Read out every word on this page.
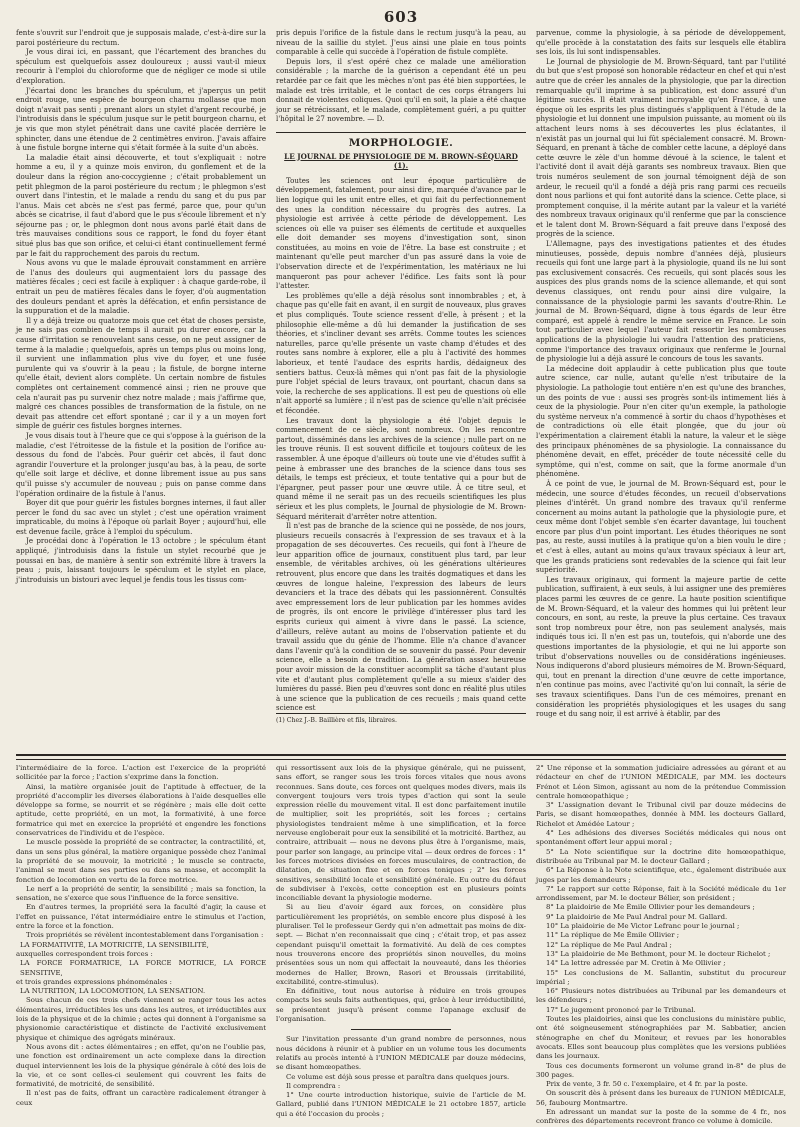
603

fente s'ouvrit sur l'endroit que je supposais malade, c'est-à-dire sur la paroi postérieure du rectum.

Je vous dirai ici, en passant, que l'écartement des branches du spéculum est quelquefois assez douloureux ; aussi vaut-il mieux recourir à l'emploi du chloroforme que de négliger ce mode si utile d'exploration.

J'écartai donc les branches du spéculum, et j'aperçus un petit endroit rouge, une espèce de bourgeon charnu mollasse que mon doigt n'avait pas senti ; prenant alors un stylet d'argent recourbé, je l'introduisis dans le spéculum jusque sur le petit bourgeon charnu, et je vis que mon stylet pénétrait dans une cavité placée derrière le sphincter, dans une étendue de 2 centimètres environ. J'avais affaire à une fistule borgne interne qui s'était formée à la suite d'un abcès.

La maladie était ainsi découverte, et tout s'expliquait : notre homme a eu, il y a quinze mois environ, du gonflement et de la douleur dans la région ano-coccygienne ; c'était probablement un petit phlegmon de la paroi postérieure du rectum ; le phlegmon s'est ouvert dans l'intestin, et le malade a rendu du sang et du pus par l'anus. Mais cet abcès ne s'est pas fermé, parce que, pour qu'un abcès se cicatrise, il faut d'abord que le pus s'écoule librement et n'y séjourne pas ; or, le phlegmon dont nous avons parlé était dans de très mauvaises conditions sous ce rapport, le fond du foyer étant situé plus bas que son orifice, et celui-ci étant continuellement fermé par le fait du rapprochement des parois du rectum.

Nous avons vu que le malade éprouvait constamment en arrière de l'anus des douleurs qui augmentaient lors du passage des matières fécales ; ceci est facile à expliquer : à chaque garde-robe, il entrait un peu de matières fécales dans le foyer, d'où augmentation des douleurs pendant et après la défécation, et enfin persistance de la suppuration et de la maladie.

Il y a déjà treize ou quatorze mois que cet état de choses persiste, je ne sais pas combien de temps il aurait pu durer encore, car la cause d'irritation se renouvelant sans cesse, on ne peut assigner de terme à la maladie ; quelquefois, après un temps plus ou moins long, il survient une inflammation plus vive du foyer, et une fusée purulente qui va s'ouvrir à la peau ; la fistule, de borgne interne qu'elle était, devient alors complète. Un certain nombre de fistules complètes ont certainement commencé ainsi ; rien ne prouve que cela n'aurait pas pu survenir chez notre malade ; mais j'affirme que, malgré ces chances possibles de transformation de la fistule, on ne devait pas attendre cet effort spontané ; car il y a un moyen fort simple de guérir ces fistules borgnes internes.

Je vous disais tout à l'heure que ce qui s'oppose à la guérison de la maladie, c'est l'étroitesse de la fistule et la position de l'orifice au-dessous du fond de l'abcès. Pour guérir cet abcès, il faut donc agrandir l'ouverture et la prolonger jusqu'au bas, à la peau, de sorte qu'elle soit large et déclive, et donne librement issue au pus sans qu'il puisse s'y accumuler de nouveau ; puis on panse comme dans l'opération ordinaire de la fistule à l'anus.

Boyer dit que pour guérir les fistules borgnes internes, il faut aller percer le fond du sac avec un stylet ; c'est une opération vraiment impraticable, du moins à l'époque où parlait Boyer ; aujourd'hui, elle est devenue facile, grâce à l'emploi du spéculum.

Je procédai donc à l'opération le 13 octobre ; le spéculum étant appliqué, j'introduisis dans la fistule un stylet recourbé que je poussai en bas, de manière à sentir son extrémité libre à travers la peau ; puis, laissant toujours le spéculum et le stylet en place, j'introduisis un bistouri avec lequel je fendis tous les tissus com-

pris depuis l'orifice de la fistule dans le rectum jusqu'à la peau, au niveau de la saillie du stylet. J'eus ainsi une plaie en tous points comparable à celle qui succède à l'opération de fistule complète.

Depuis lors, il s'est opéré chez ce malade une amélioration considérable ; la marche de la guérison a cependant été un peu retardée par ce fait que les mèches n'ont pas été bien supportées, le malade est très irritable, et le contact de ces corps étrangers lui donnait de violentes coliques. Quoi qu'il en soit, la plaie a été chaque jour se rétrécissant, et le malade, complètement guéri, a pu quitter l'hôpital le 27 novembre. — D.

MORPHOLOGIE.
LE JOURNAL DE PHYSIOLOGIE DE M. BROWN-SÉQUARD (1).

Toutes les sciences ont leur époque particulière de développement, fatalement, pour ainsi dire, marquée d'avance par le lien logique qui les unit entre elles, et qui fait du perfectionnement des unes la condition nécessaire du progrès des autres. La physiologie est arrivée à cette période de développement. Les sciences où elle va puiser ses éléments de certitude et auxquelles elle doit demander ses moyens d'investigation sont, sinon constituées, au moins en voie de l'être. La base est construite ; et maintenant qu'elle peut marcher d'un pas assuré dans la voie de l'observation directe et de l'expérimentation, les matériaux ne lui manqueront pas pour achever l'édifice. Les faits sont là pour l'attester.

Les problèmes qu'elle a déjà résolus sont innombrables ; et, à chaque pas qu'elle fait en avant, il en surgit de nouveaux, plus graves et plus compliqués. Toute science ressent d'elle, à présent ; et la philosophie elle-même a dû lui demander la justification de ses théories, et s'incliner devant ses arrêts. Comme toutes les sciences naturelles, parce qu'elle présente un vaste champ d'études et des routes sans nombre à explorer, elle a plu à l'activité des hommes laborieux, et tenté l'audace des esprits hardis, dédaigneux des sentiers battus. Ceux-là mêmes qui n'ont pas fait de la physiologie pure l'objet spécial de leurs travaux, ont pourtant, chacun dans sa voie, la recherche de ses applications. Il est peu de questions où elle n'ait apporté sa lumière ; il n'est pas de science qu'elle n'ait précisée et fécondée.

Les travaux dont la physiologie a été l'objet depuis le commencement de ce siècle, sont nombreux. On les rencontre partout, disséminés dans les archives de la science ; nulle part on ne les trouve réunis. Il est souvent difficile et toujours coûteux de les rassembler. À une époque d'ailleurs où toute une vie d'études suffit à peine à embrasser une des branches de la science dans tous ses détails, le temps est précieux, et toute tentative qui a pour but de l'épargner, peut passer pour une œuvre utile. À ce titre seul, et quand même il ne serait pas un des recueils scientifiques les plus sérieux et les plus complets, le Journal de physiologie de M. Brown-Séquard mériterait d'arrêter notre attention.

Il n'est pas de branche de la science qui ne possède, de nos jours, plusieurs recueils consacrés à l'expression de ses travaux et à la propagation de ses découvertes. Ces recueils, qui font à l'heure de leur apparition office de journaux, constituent plus tard, par leur ensemble, de véritables archives, où les générations ultérieures retrouvent, plus encore que dans les traités dogmatiques et dans les œuvres de longue haleine, l'expression des labeurs de leurs devanciers et la trace des débats qui les passionnèrent. Consultés avec empressement lors de leur publication par les hommes avides de progrès, ils ont encore le privilège d'intéresser plus tard les esprits curieux qui aiment à vivre dans le passé. La science, d'ailleurs, relève autant au moins de l'observation patiente et du travail assidu que du génie de l'homme. Elle n'a chance d'avancer dans l'avenir qu'à la condition de se souvenir du passé. Pour devenir science, elle a besoin de tradition. La génération assez heureuse pour avoir mission de la constituer accomplit sa tâche d'autant plus vite et d'autant plus complètement qu'elle a su mieux s'aider des lumières du passé. Bien peu d'œuvres sont donc en réalité plus utiles à une science que la publication de ces recueils ; mais quand cette science est

(1) Chez J.-B. Baillière et fils, libraires.

parvenue, comme la physiologie, à sa période de développement, qu'elle procède à la constatation des faits sur lesquels elle établira ses lois, ils lui sont indispensables.

Le Journal de physiologie de M. Brown-Séquard, tant par l'utilité du but que s'est proposé son honorable rédacteur en chef et qui n'est autre que de créer les annales de la physiologie, que par la direction remarquable qu'il imprime à sa publication, est donc assuré d'un légitime succès. Il était vraiment incroyable qu'en France, à une époque où les esprits les plus distingués s'appliquent à l'étude de la physiologie et lui donnent une impulsion puissante, au moment où ils attachent leurs noms à ses découvertes les plus éclatantes, il n'existât pas un journal qui lui fût spécialement consacré. M. Brown-Séquard, en prenant à tâche de combler cette lacune, a déployé dans cette œuvre le zèle d'un homme dévoué à la science, le talent et l'activité dont il avait déjà garants ses nombreux travaux. Bien que trois numéros seulement de son journal témoignent déjà de son ardeur, le recueil qu'il a fondé a déjà pris rang parmi ces recueils dont nous parlions et qui font autorité dans la science. Cette place, si promptement conquise, il la mérite autant par la valeur et la variété des nombreux travaux originaux qu'il renferme que par la conscience et le talent dont M. Brown-Séquard a fait preuve dans l'exposé des progrès de la science.

L'Allemagne, pays des investigations patientes et des études minutieuses, possède, depuis nombre d'années déjà, plusieurs recueils qui font une large part à la physiologie, quand ils ne lui sont pas exclusivement consacrés. Ces recueils, qui sont placés sous les auspices des plus grands noms de la science allemande, et qui sont devenus classiques, ont rendu pour ainsi dire vulgaire, la connaissance de la physiologie parmi les savants d'outre-Rhin. Le journal de M. Brown-Séquard, digne à tous égards de leur être comparé, est appelé à rendre le même service en France. Le soin tout particulier avec lequel l'auteur fait ressortir les nombreuses applications de la physiologie lui vaudra l'attention des praticiens, comme l'importance des travaux originaux que renferme le Journal de physiologie lui a déjà assuré le concours de tous les savants.

La médecine doit applaudir à cette publication plus que toute autre science, car nulle, autant qu'elle n'est tributaire de la physiologie. La pathologie tout entière n'en est qu'une des branches, un des points de vue : aussi ses progrès sont-ils intimement liés à ceux de la physiologie. Pour n'en citer qu'un exemple, la pathologie du système nerveux n'a commencé à sortir du chaos d'hypothèses et de contradictions où elle était plongée, que du jour où l'expérimentation a clairement établi la nature, la valeur et le siège des principaux phénomènes de sa physiologie. La connaissance du phénomène devait, en effet, précéder de toute nécessité celle du symptôme, qui n'est, comme on sait, que la forme anormale d'un phénomène.

À ce point de vue, le journal de M. Brown-Séquard est, pour le médecin, une source d'études fécondes, un recueil d'observations pleines d'intérêt. Un grand nombre des travaux qu'il renferme concernent au moins autant la pathologie que la physiologie pure, et ceux même dont l'objet semble s'en écarter davantage, lui touchent encore par plus d'un point important. Les études théoriques ne sont pas, au reste, aussi inutiles à la pratique qu'on a bien voulu le dire ; et c'est à elles, autant au moins qu'aux travaux spéciaux à leur art, que les grands praticiens sont redevables de la science qui fait leur supériorité.

Les travaux originaux, qui forment la majeure partie de cette publication, suffiraient, à eux seuls, à lui assigner une des premières places parmi les œuvres de ce genre. La haute position scientifique de M. Brown-Séquard, et la valeur des hommes qui lui prêtent leur concours, en sont, au reste, la preuve la plus certaine. Ces travaux sont trop nombreux pour être, non pas seulement analysés, mais indiqués tous ici. Il n'en est pas un, toutefois, qui n'aborde une des questions importantes de la physiologie, et qui ne lui apporte son tribut d'observations nouvelles ou de considérations ingénieuses. Nous indiquerons d'abord plusieurs mémoires de M. Brown-Séquard, qui, tout en prenant la direction d'une œuvre de cette importance, n'en continue pas moins, avec l'activité qu'on lui connaît, la série de ses travaux scientifiques. Dans l'un de ces mémoires, prenant en considération les propriétés physiologiques et les usages du sang rouge et du sang noir, il est arrivé à établir, par des

l'intermédiaire de la force. L'action est l'exercice de la propriété sollicitée par la force ; l'action s'exprime dans la fonction.

Ainsi, la matière organisée jouit de l'aptitude à effectuer, de la propriété d'accomplir les diverses élaborations à l'aide desquelles elle développe sa forme, se nourrit et se régénère ; mais elle doit cette aptitude, cette propriété, en un mot, la formativité, à une force formatrice qui met en exercice la propriété et engendre les fonctions conservatrices de l'individu et de l'espèce.

Le muscle possède la propriété de se contracter, la contractilité, et, dans un sens plus général, la matière organique possède chez l'animal la propriété de se mouvoir, la motricité ; le muscle se contracte, l'animal se meut dans ses parties ou dans sa masse, et accomplit la fonction de locomotion en vertu de la force motrice.

Le nerf a la propriété de sentir, la sensibilité ; mais sa fonction, la sensation, ne s'exerce que sous l'influence de la force sensitive.

En d'autres termes, la propriété sera la faculté d'agir, la cause et l'effet en puissance, l'état intermédiaire entre le stimulus et l'action, entre la force et la fonction.

Trois propriétés se révèlent incontestablement dans l'organisation :

LA FORMATIVITÉ, LA MOTRICITÉ, LA SENSIBILITÉ,

auxquelles correspondent trois forces :

LA FORCE FORMATRICE, LA FORCE MOTRICE, LA FORCE SENSITIVE,

et trois grandes expressions phénoménales :

LA NUTRITION, LA LOCOMOTION, LA SENSATION.

Sous chacun de ces trois chefs viennent se ranger tous les actes élémentaires, irréductibles les uns dans les autres, et irréductibles aux lois de la physique et de la chimie ; actes qui donnent à l'organisme sa physionomie caractéristique et distincte de l'activité exclusivement physique et chimique des agrégats minéraux.

Nous avons dit : actes élémentaires ; en effet, qu'on ne l'oublie pas, une fonction est ordinairement un acte complexe dans la direction duquel interviennent les lois de la physique générale à côté des lois de la vie, et ce sont celles-ci seulement qui couvrent les faits de formativité, de motricité, de sensibilité.

Il n'est pas de faits, offrant un caractère radicalement étranger à ceux

qui ressortissent aux lois de la physique générale, qui ne puissent, sans effort, se ranger sous les trois forces vitales que nous avons reconnues. Sans doute, ces forces ont quelques modes divers, mais ils convergent toujours vers trois types d'action qui sont la seule expression réelle du mouvement vital. Il est donc parfaitement inutile de multiplier, soit les propriétés, soit les forces ; certains physiologistes tendraient même à une simplification, et la force nerveuse engloberait pour eux la sensibilité et la motricité. Barthez, au contraire, attribuait — nous ne devons plus être à l'organisme, mais, pour parler son langage, au principe vital — deux ordres de forces : 1° les forces motrices divisées en forces musculaires, de contraction, de dilatation, de situation fixe et en forces toniques ; 2° les forces sensitives, sensibilité locale et sensibilité générale. Eu outre du défaut de subdiviser à l'excès, cette conception est en plusieurs points inconciliable devant la physiologie moderne.

Si au lieu d'avoir égard aux forces, on considère plus particulièrement les propriétés, on semble encore plus disposé à les pluraliser. Tel le professeur Gerdy qui n'en admettait pas moins de dix-sept. — Bichat n'en reconnaissait que cinq ; c'était trop, et pas assez cependant puisqu'il omettait la formativité. Au delà de ces comptes nous trouverons encore des propriétés sinon nouvelles, du moins présentées sous un nom qui affectait la nouveauté, dans les théories modernes de Haller, Brown, Rasori et Broussais (irritabilité, excitabilité, contre-stimulus).

En définitive, tout nous autorise à réduire en trois groupes compacts les seuls faits authentiques, qui, grâce à leur irréductibilité, se présentent jusqu'à présent comme l'apanage exclusif de l'organisation.

Sur l'invitation pressante d'un grand nombre de personnes, nous nous décidons à réunir et à publier en un volume tous les documents relatifs au procès intenté à l'UNION MÉDICALE par douze médecins, se disant homœopathes.

Ce volume est déjà sous presse et paraîtra dans quelques jours.

Il comprendra :

1° Une courte introduction historique, suivie de l'article de M. Gallard, publié dans l'UNION MÉDICALE le 21 octobre 1857, article qui a été l'occasion du procès ;

2° Une réponse et la sommation judiciaire adressées au gérant et au rédacteur en chef de l'UNION MÉDICALE, par MM. les docteurs Frénot et Léon Simon, agissant au nom de la prétendue Commission centrale homœopathique ;

3° L'assignation devant le Tribunal civil par douze médecins de Paris, se disant homœopathes, donnée à MM. les docteurs Gallard, Richelot et Amédée Latour ;

4° Les adhésions des diverses Sociétés médicales qui nous ont spontanément offert leur appui moral ;

5° La Note scientifique sur la doctrine dite homœopathique, distribuée au Tribunal par M. le docteur Gallard ;

6° La Réponse à la Note scientifique, etc., également distribuée aux juges par les demandeurs ;

7° Le rapport sur cette Réponse, fait à la Société médicale du 1er arrondissement, par M. le docteur Bélier, son président ;

8° La plaidoirie de Me Émile Ollivier pour les demandeurs ;

9° La plaidoirie de Me Paul Andral pour M. Gallard.

10° La plaidoirie de Me Victor Lefranc pour le journal ;

11° La réplique de Me Émile Ollivier ;

12° La réplique de Me Paul Andral ;

13° La plaidoirie de Me Bethmont, pour M. le docteur Richelot ;

14° La lettre adressée par M. Cretin à Me Ollivier ;

15° Les conclusions de M. Sallantin, substitut du procureur impérial ;

16° Plusieurs notes distribuées au Tribunal par les demandeurs et les défendeurs ;

17° Le jugement prononcé par le Tribunal.

Toutes les plaidoiries, ainsi que les conclusions du ministère public, ont été soigneusement sténographiées par M. Sabbatier, ancien sténographe en chef du Moniteur, et revues par les honorables avocats. Elles sont beaucoup plus complètes que les versions publiées dans les journaux.

Tous ces documents formeront un volume grand in-8° de plus de 300 pages.

Prix de vente, 3 fr. 50 c. l'exemplaire, et 4 fr. par la poste.

On souscrit dès à présent dans les bureaux de l'UNION MÉDICALE, 56, faubourg Montmartre.

En adressant un mandat sur la poste de la somme de 4 fr., nos confrères des départements recevront franco ce volume à domicile.
